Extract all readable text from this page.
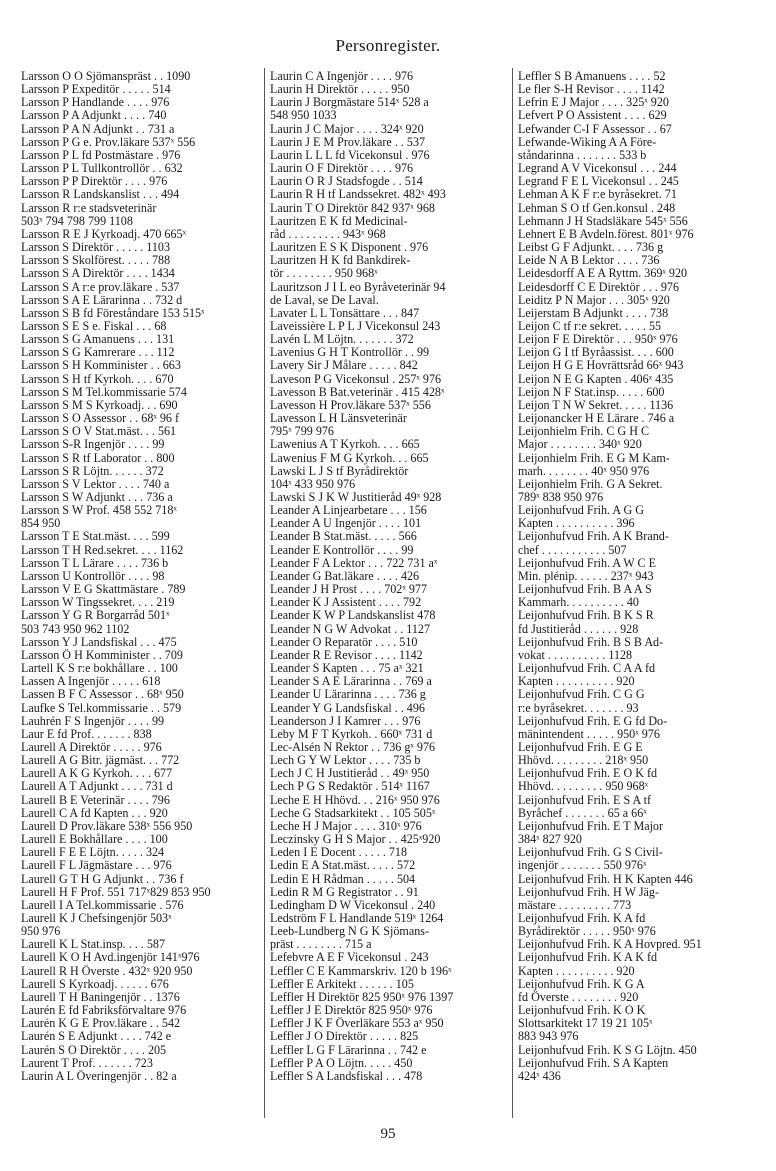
Personregister.
Larsson O O Sjömanspräst . . 1090
Larsson P Expeditör . . . . . 514
Larsson P Handlande . . . . 976
Larsson P A Adjunkt . . . . 740
Larsson P A N Adjunkt . . 731 a
Larsson P G e. Prov.läkare 537ˣ 556
Larsson P L fd Postmästare . 976
Larsson P L Tullkontrollör . . 632
Larsson P P Direktör . . . . 976
Larsson R Landskanslist . . . 494
Larsson R r:e stadsveterinär
503ˣ 794 798 799 1108
Larsson R E J Kyrkoadj. 470 665ˣ
Larsson S Direktör . . . . . 1103
Larsson S Skolförest. . . . . 788
Larsson S A Direktör . . . . 1434
Larsson S A r:e prov.läkare . 537
Larsson S A E Lärarinna . . 732 d
Larsson S B fd Föreståndare 153 515ˣ
Larsson S E S e. Fiskal . . . 68
Larsson S G Amanuens . . . 131
Larsson S G Kamrerare . . . 112
Larsson S H Komminister . . 663
Larsson S H tf Kyrkoh. . . . 670
Larsson S M Tel.kommissarie 574
Larsson S M S Kyrkoadj. . . 690
Larsson S O Assessor . . 68ˣ 96 f
Larsson S O V Stat.mäst. . . 561
Larsson S-R Ingenjör . . . . 99
Larsson S R tf Laborator . . 800
Larsson S R Löjtn. . . . . . 372
Larsson S V Lektor . . . . 740 a
Larsson S W Adjunkt . . . 736 a
Larsson S W Prof. 458 552 718ˣ
854 950
Larsson T E Stat.mäst. . . . 599
Larsson T H Red.sekret. . . . 1162
Larsson T L Lärare . . . . 736 b
Larsson U Kontrollör . . . . 98
Larsson V E G Skattmästare . 789
Larsson W Tingssekret. . . . 219
Larsson Y G R Borgarråd 501ˣ
503 743 950 962 1102
Larsson Y J Landsfiskal . . . 475
Larsson Ö H Komminister . . 709
Lartell K S r:e bokhållare . . 100
Lassen A Ingenjör . . . . . 618
Lassen B F C Assessor . . 68ˣ 950
Laufke S Tel.kommissarie . . 579
Lauhrén F S Ingenjör . . . . 99
Laur E fd Prof. . . . . . . 838
Laurell A Direktör . . . . . 976
Laurell A G Bitr. jägmäst. . . 772
Laurell A K G Kyrkoh. . . . 677
Laurell A T Adjunkt . . . . 731 d
Laurell B E Veterinär . . . . 796
Laurell C A fd Kapten . . . 920
Laurell D Prov.läkare 538ˣ 556 950
Laurell E Bokhållare . . . . 100
Laurell F E E Löjtn. . . . . 324
Laurell F L Jägmästare . . . 976
Laurell G T H G Adjunkt . . 736 f
Laurell H F Prof. 551 717ˣ829 853 950
Laurell I A Tel.kommissarie . 576
Laurell K J Chefsingenjör 503ˣ
950 976
Laurell K L Stat.insp. . . . 587
Laurell K O H Avd.ingenjör 141ˣ976
Laurell R H Överste . 432ˣ 920 950
Laurell S Kyrkoadj. . . . . . 676
Laurell T H Baningenjör . . 1376
Laurén E fd Fabriksförvaltare 976
Laurén K G E Prov.läkare . . 542
Laurén S E Adjunkt . . . . 742 e
Laurén S O Direktör . . . . 205
Laurent T Prof. . . . . . . 723
Laurin A L Överingenjör . . 82 a
Laurin C A Ingenjör . . . . 976
Laurin H Direktör . . . . . 950
Laurin J Borgmästare 514ˣ 528 a
548 950 1033
Laurin J C Major . . . . 324ˣ 920
Laurin J E M Prov.läkare . . 537
Laurin L L L fd Vicekonsul . 976
Laurin O F Direktör . . . . 976
Laurin O R J Stadsfogde . . 514
Laurin R H tf Landssekret. 482ˣ 493
Laurin T O Direktör 842 937ˣ 968
Lauritzen E K fd Medicinal-
råd . . . . . . . . . 943ˣ 968
Lauritzen E S K Disponent . 976
Lauritzen H K fd Bankdirek-
tör . . . . . . . . 950 968ˣ
Lauritzson J I L eo Byråveterinär 94
de Laval, se De Laval.
Lavater L L Tonsättare . . . 847
Laveissière L P L J Vicekonsul 243
Lavén L M Löjtn. . . . . . . 372
Lavenius G H T Kontrollör . . 99
Lavery Sir J Målare . . . . . 842
Laveson P G Vicekonsul . 257ˣ 976
Lavesson B Bat.veterinär . 415 428ˣ
Lavesson H Prov.läkare 537ˣ 556
Lavesson L H Länsveterinär
795ˣ 799 976
Lawenius A T Kyrkoh. . . . 665
Lawenius F M G Kyrkoh. . . 665
Lawski L J S tf Byrådirektör
104ˣ 433 950 976
Lawski S J K W Justitieråd 49ˣ 928
Leander A Linjearbetare . . . 156
Leander A U Ingenjör . . . . 101
Leander B Stat.mäst. . . . . 566
Leander E Kontrollör . . . . 99
Leander F A Lektor . . . 722 731 aˣ
Leander G Bat.läkare . . . . 426
Leander J H Prost . . . . 702ˣ 977
Leander K J Assistent . . . . 792
Leander K W P Landskanslist 478
Leander N G W Advokat . . 1127
Leander O Reparatör . . . . 510
Leander R E Revisor . . . . 1142
Leander S Kapten . . . 75 aˣ 321
Leander S A E Lärarinna . . 769 a
Leander U Lärarinna . . . . 736 g
Leander Y G Landsfiskal . . 496
Leanderson J I Kamrer . . . 976
Leby M F T Kyrkoh. . 660ˣ 731 d
Lec-Alsén N Rektor . . 736 gˣ 976
Lech G Y W Lektor . . . . 735 b
Lech J C H Justitieråd . . 49ˣ 950
Lech P G S Redaktör . 514ˣ 1167
Leche E H Hhövd. . . 216ˣ 950 976
Leche G Stadsarkitekt . . 105 505ˣ
Leche H J Major . . . . 310ˣ 976
Leczinsky G H S Major . . 425ˣ920
Leden I E Docent . . . . . 718
Ledin E A Stat.mäst. . . . . 572
Ledin E H Rådman . . . . . 504
Ledin R M G Registrator . . 91
Ledingham D W Vicekonsul . 240
Ledström F L Handlande 519ˣ 1264
Leeb-Lundberg N G K Sjömans-
präst . . . . . . . . 715 a
Lefebvre A E F Vicekonsul . 243
Leffler C E Kammarskriv. 120 b 196ˣ
Leffler E Arkitekt . . . . . . 105
Leffler H Direktör 825 950ˣ 976 1397
Leffler J E Direktör 825 950ˣ 976
Leffler J K F Överläkare 553 aˣ 950
Leffler J O Direktör . . . . . 825
Leffler L G F Lärarinna . . 742 e
Leffler P A O Löjtn. . . . . 450
Leffler S A Landsfiskal . . . 478
Leffler S B Amanuens . . . . 52
Le fler S-H Revisor . . . . 1142
Lefrin E J Major . . . . 325ˣ 920
Lefvert P O Assistent . . . . 629
Lefwander C-I F Assessor . . 67
Lefwande-Wiking A A Före-
ståndarinna . . . . . . . 533 b
Legrand A V Vicekonsul . . . 244
Legrand F E L Vicekonsul . . 245
Lehman A K F r:e byråsekret. 71
Lehman S O tf Gen.konsul . 248
Lehmann J H Stadsläkare 545ˣ 556
Lehnert E B Avdeln.förest. 801ˣ 976
Leibst G F Adjunkt. . . . 736 g
Leide N A B Lektor . . . . 736
Leidesdorff A E A Ryttm. 369ˣ 920
Leidesdorff C E Direktör . . . 976
Leiditz P N Major . . . 305ˣ 920
Leijerstam B Adjunkt . . . . 738
Leijon C tf r:e sekret. . . . . 55
Leijon F E Direktör . . . 950ˣ 976
Leijon G I tf Byråassist. . . . 600
Leijon H G E Hovrättsråd 66ˣ 943
Leijon N E G Kapten . 406ˣ 435
Leijon N F Stat.insp. . . . . 600
Leijon T N W Sekret. . . . . 1136
Leijonancker H E Lärare . 746 a
Leijonhielm Frih. C G H C
Major . . . . . . . . 340ˣ 920
Leijonhielm Frih. E G M Kam-
marh. . . . . . . . 40ˣ 950 976
Leijonhielm Frih. G A Sekret.
789ˣ 838 950 976
Leijonhufvud Frih. A G G
Kapten . . . . . . . . . . 396
Leijonhufvud Frih. A K Brand-
chef . . . . . . . . . . . 507
Leijonhufvud Frih. A W C E
Min. plénip. . . . . . 237ˣ 943
Leijonhufvud Frih. B A A S
Kammarh. . . . . . . . . . 40
Leijonhufvud Frih. B K S R
fd Justitieråd . . . . . . 928
Leijonhufvud Frih. B S B Ad-
vokat . . . . . . . . . . 1128
Leijonhufvud Frih. C A A fd
Kapten . . . . . . . . . . 920
Leijonhufvud Frih. C G G
r:e byråsekret. . . . . . . 93
Leijonhufvud Frih. E G fd Do-
mänintendent . . . . . 950ˣ 976
Leijonhufvud Frih. E G E
Hhövd. . . . . . . . . 218ˣ 950
Leijonhufvud Frih. E O K fd
Hhövd. . . . . . . . . 950 968ˣ
Leijonhufvud Frih. E S A tf
Byråchef . . . . . . . 65 a 66ˣ
Leijonhufvud Frih. E T Major
384ˣ 827 920
Leijonhufvud Frih. G S Civil-
ingenjör . . . . . . . 550 976ˣ
Leijonhufvud Frih. H K Kapten 446
Leijonhufvud Frih. H W Jäg-
mästare . . . . . . . . . 773
Leijonhufvud Frih. K A fd
Byrådirektör . . . . . 950ˣ 976
Leijonhufvud Frih. K A Hovpred. 951
Leijonhufvud Frih. K A K fd
Kapten . . . . . . . . . . 920
Leijonhufvud Frih. K G A
fd Överste . . . . . . . . 920
Leijonhufvud Frih. K O K
Slottsarkitekt 17 19 21 105ˣ
883 943 976
Leijonhufvud Frih. K S G Löjtn. 450
Leijonhufvud Frih. S A Kapten
424ˣ 436
95
